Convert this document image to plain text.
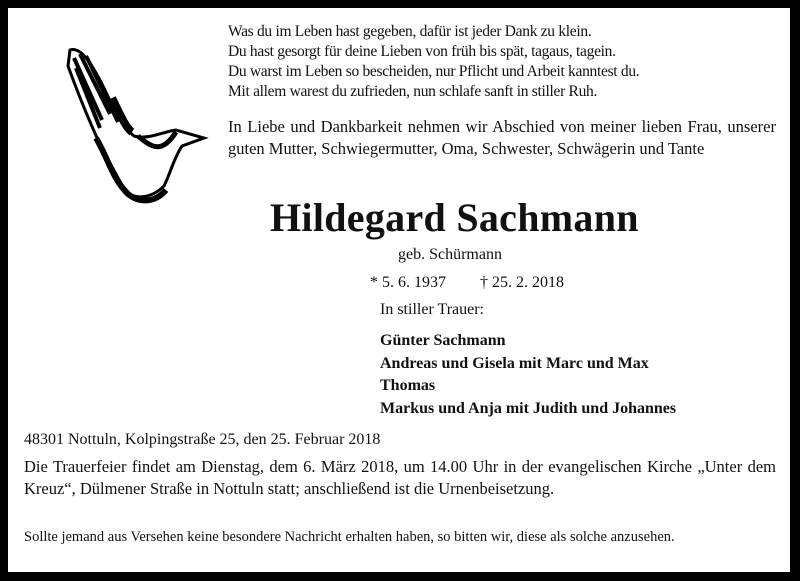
Was du im Leben hast gegeben, dafür ist jeder Dank zu klein.
Du hast gesorgt für deine Lieben von früh bis spät, tagaus, tagein.
Du warst im Leben so bescheiden, nur Pflicht und Arbeit kanntest du.
Mit allem warest du zufrieden, nun schlafe sanft in stiller Ruh.
In Liebe und Dankbarkeit nehmen wir Abschied von meiner lieben Frau, unserer guten Mutter, Schwiegermutter, Oma, Schwester, Schwägerin und Tante
Hildegard Sachmann
geb. Schürmann
* 5. 6. 1937 † 25. 2. 2018
In stiller Trauer:
Günter Sachmann
Andreas und Gisela mit Marc und Max
Thomas
Markus und Anja mit Judith und Johannes
48301 Nottuln, Kolpingstraße 25, den 25. Februar 2018
Die Trauerfeier findet am Dienstag, dem 6. März 2018, um 14.00 Uhr in der evangelischen Kirche „Unter dem Kreuz“, Dülmener Straße in Nottuln statt; anschließend ist die Urnenbeisetzung.
Sollte jemand aus Versehen keine besondere Nachricht erhalten haben, so bitten wir, diese als solche anzusehen.
